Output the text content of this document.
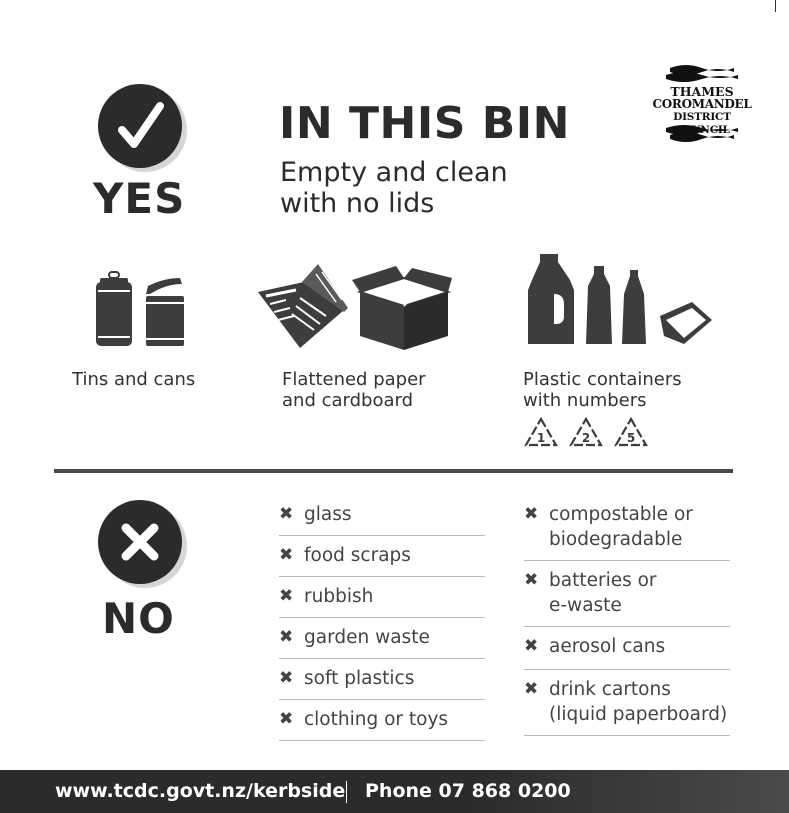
YES
IN THIS BIN
Empty and clean
with no lids
THAMES
COROMANDEL
DISTRICT COUNCIL
Tins and cans	Flattened paper
and cardboard
Plastic containers
with numbers
1	2	5
NO
✖ glass
✖ food scraps
✖ rubbish
✖ garden waste
✖ soft plastics
✖ clothing or toys
✖ compostable or
biodegradable
✖ batteries or
e-waste
✖ aerosol cans
✖ drink cartons
(liquid paperboard)
www.tcdc.govt.nz/kerbside Phone 07 868 0200
